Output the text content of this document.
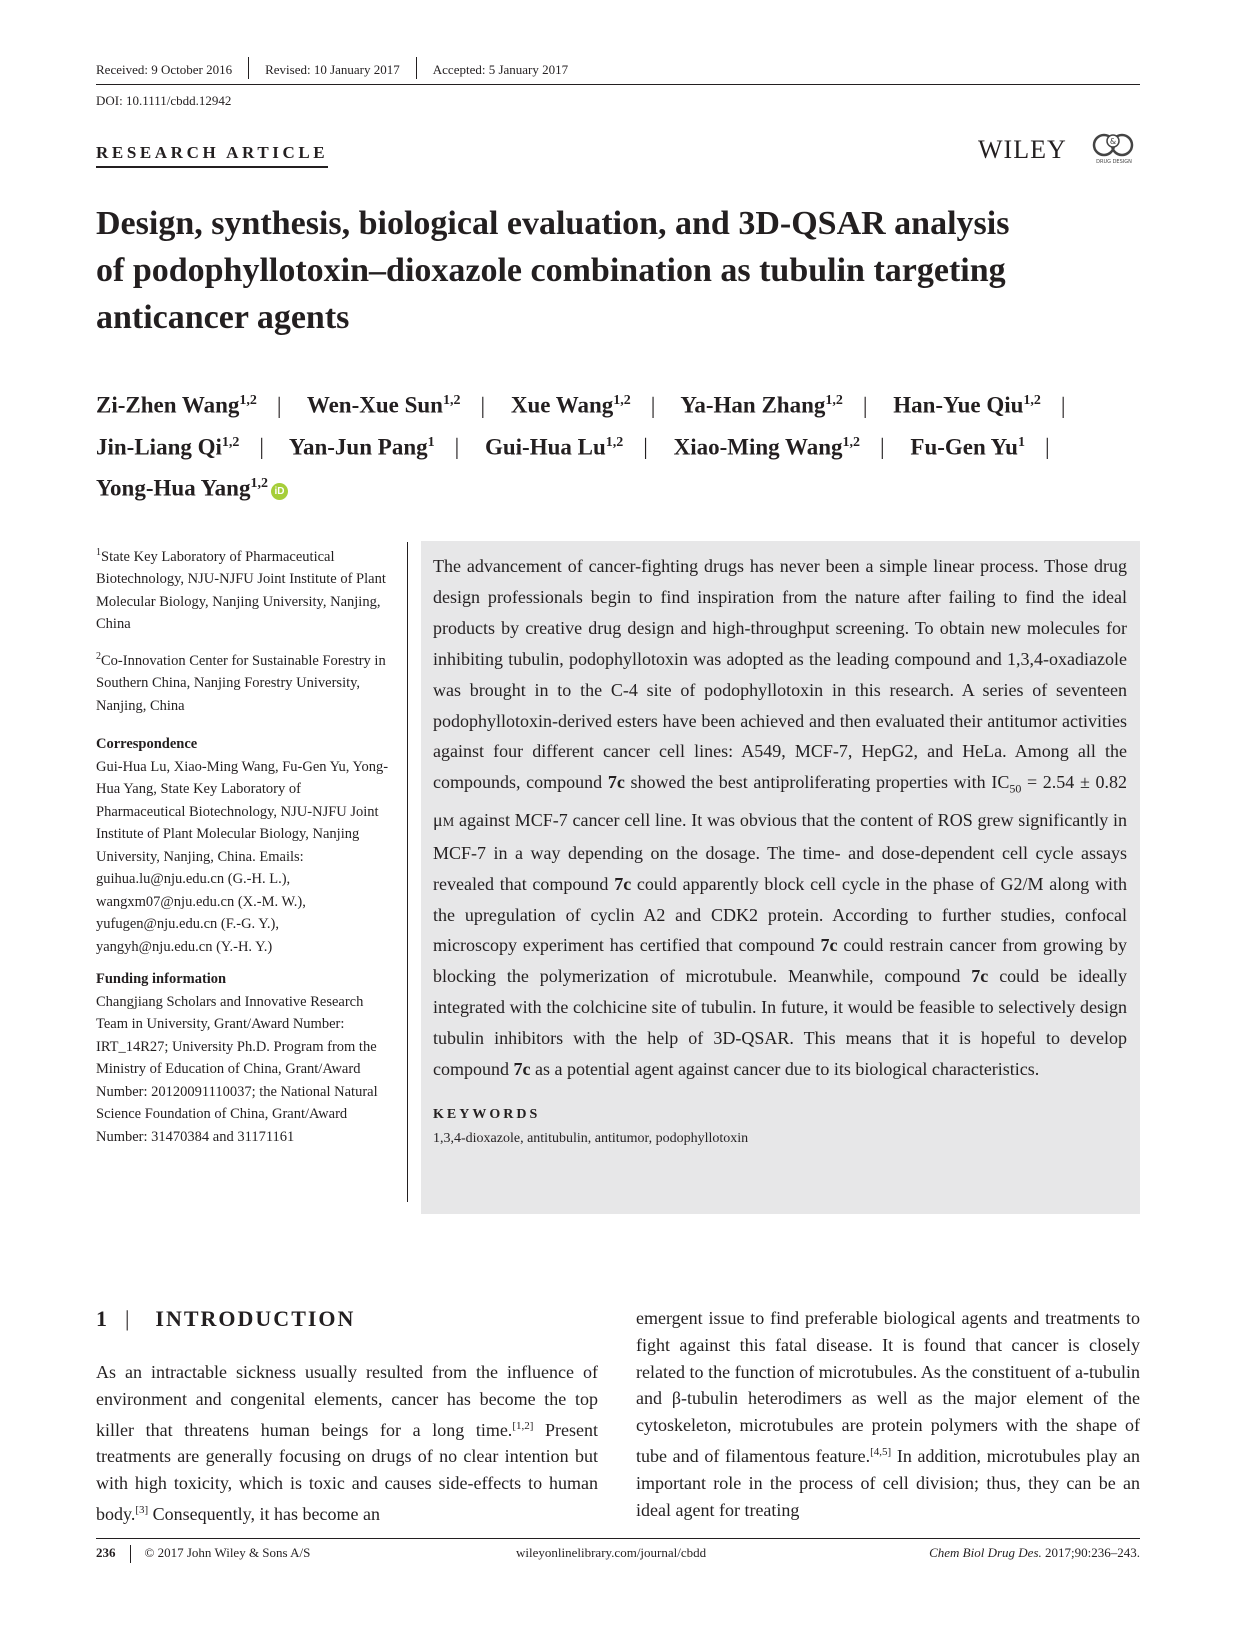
Received: 9 October 2016	Revised: 10 January 2017	Accepted: 5 January 2017
DOI: 10.1111/cbdd.12942
RESEARCH ARTICLE	WILEY	&
DRUG DESIGN
Design, synthesis, biological evaluation, and 3D-QSAR analysis
of podophyllotoxin–dioxazole combination as tubulin targeting
anticancer agents
Zi-Zhen Wang$^{1,2}$ | Wen-Xue Sun$^{1,2}$ | Xue Wang$^{1,2}$ | Ya-Han Zhang$^{1,2}$ | Han-Yue Qiu$^{1,2}$ |
Jin-Liang Qi$^{1,2}$ | Yan-Jun Pang$^1$ | Gui-Hua Lu$^{1,2}$ | Xiao-Ming Wang$^{1,2}$ | Fu-Gen Yu$^1$ |
Yong-Hua Yang$^{1,2}$iD

$^1$State Key Laboratory of Pharmaceutical Biotechnology, NJU-NJFU Joint Institute of Plant Molecular Biology, Nanjing University, Nanjing, China

$^2$Co-Innovation Center for Sustainable Forestry in Southern China, Nanjing Forestry University, Nanjing, China

Correspondence

Gui-Hua Lu, Xiao-Ming Wang, Fu-Gen Yu, Yong-Hua Yang, State Key Laboratory of Pharmaceutical Biotechnology, NJU-NJFU Joint Institute of Plant Molecular Biology, Nanjing University, Nanjing, China. Emails: guihua.lu@nju.edu.cn (G.-H. L.), wangxm07@nju.edu.cn (X.-M. W.), yufugen@nju.edu.cn (F.-G. Y.), yangyh@nju.edu.cn (Y.-H. Y.)

Funding information

Changjiang Scholars and Innovative Research Team in University, Grant/Award Number: IRT_14R27; University Ph.D. Program from the Ministry of Education of China, Grant/Award Number: 20120091110037; the National Natural Science Foundation of China, Grant/Award Number: 31470384 and 31171161

The advancement of cancer-fighting drugs has never been a simple linear process. Those drug design professionals begin to find inspiration from the nature after failing to find the ideal products by creative drug design and high-throughput screening. To obtain new molecules for inhibiting tubulin, podophyllotoxin was adopted as the leading compound and 1,3,4-oxadiazole was brought in to the C-4 site of podophyllotoxin in this research. A series of seventeen podophyllotoxin-derived esters have been achieved and then evaluated their antitumor activities against four different cancer cell lines: A549, MCF-7, HepG2, and HeLa. Among all the compounds, compound 7c showed the best antiproliferating properties with $IC_{50} = 2.54 \pm 0.82$ μM against MCF-7 cancer cell line. It was obvious that the content of ROS grew significantly in MCF-7 in a way depending on the dosage. The time- and dose-dependent cell cycle assays revealed that compound 7c could apparently block cell cycle in the phase of G2/M along with the upregulation of cyclin A2 and CDK2 protein. According to further studies, confocal microscopy experiment has certified that compound 7c could restrain cancer from growing by blocking the polymerization of microtubule. Meanwhile, compound 7c could be ideally integrated with the colchicine site of tubulin. In future, it would be feasible to selectively design tubulin inhibitors with the help of 3D-QSAR. This means that it is hopeful to develop compound 7c as a potential agent against cancer due to its biological characteristics.
KEYWORDS
1,3,4-dioxazole, antitubulin, antitumor, podophyllotoxin
1 | INTRODUCTION
As an intractable sickness usually resulted from the influence of environment and congenital elements, cancer has become the top killer that threatens human beings for a long time.[1,2] Present treatments are generally focusing on drugs of no clear intention but with high toxicity, which is toxic and causes side-effects to human body.[3] Consequently, it has become an
emergent issue to find preferable biological agents and treatments to fight against this fatal disease. It is found that cancer is closely related to the function of microtubules. As the constituent of a-tubulin and β-tubulin heterodimers as well as the major element of the cytoskeleton, microtubules are protein polymers with the shape of tube and of filamentous feature.[4,5] In addition, microtubules play an important role in the process of cell division; thus, they can be an ideal agent for treating
236 © 2017 John Wiley & Sons A/S	wileyonlinelibrary.com/journal/cbdd	Chem Biol Drug Des. 2017;90:236–243.
